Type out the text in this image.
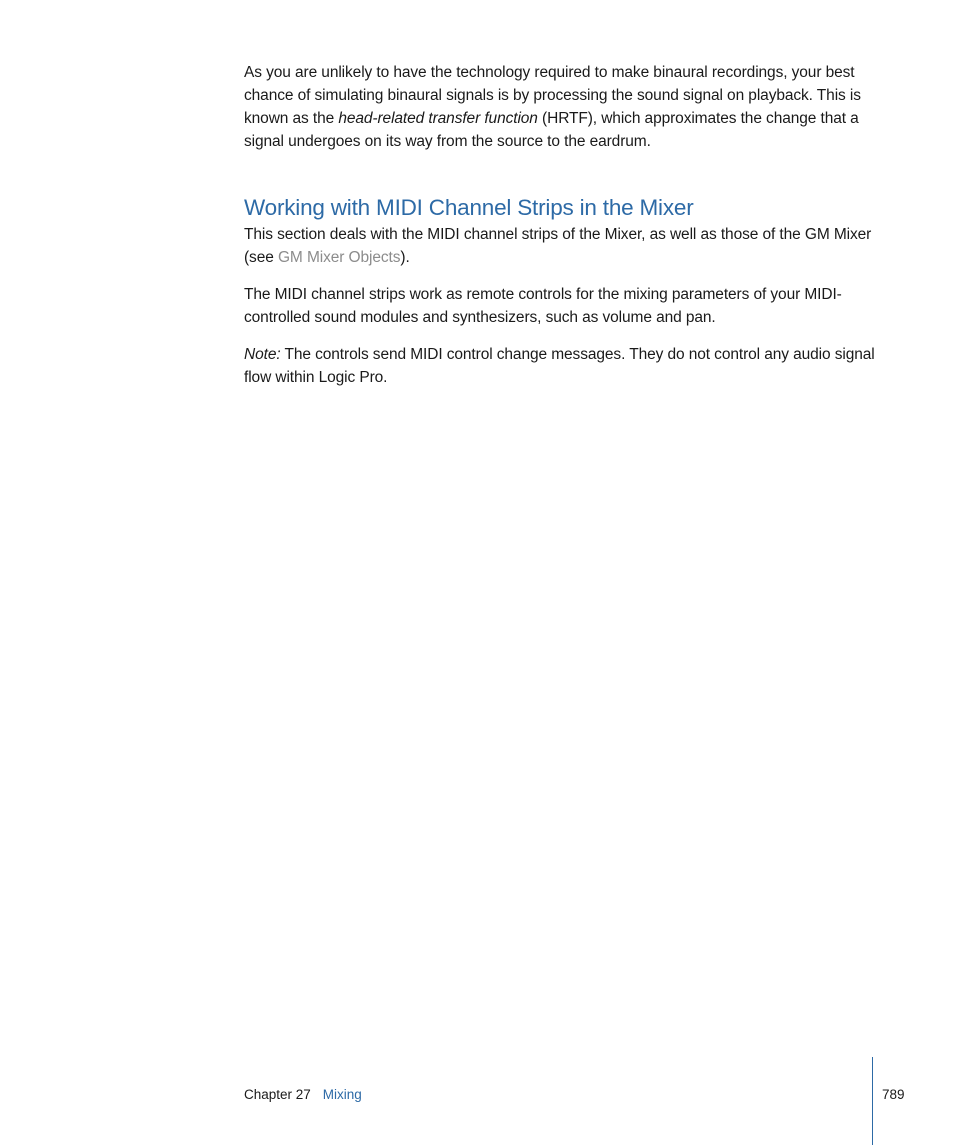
As you are unlikely to have the technology required to make binaural recordings, your best chance of simulating binaural signals is by processing the sound signal on playback. This is known as the head-related transfer function (HRTF), which approximates the change that a signal undergoes on its way from the source to the eardrum.

Working with MIDI Channel Strips in the Mixer

This section deals with the MIDI channel strips of the Mixer, as well as those of the GM Mixer (see GM Mixer Objects).

The MIDI channel strips work as remote controls for the mixing parameters of your MIDI-controlled sound modules and synthesizers, such as volume and pan.

Note: The controls send MIDI control change messages. They do not control any audio signal flow within Logic Pro.

Chapter 27 Mixing	789
